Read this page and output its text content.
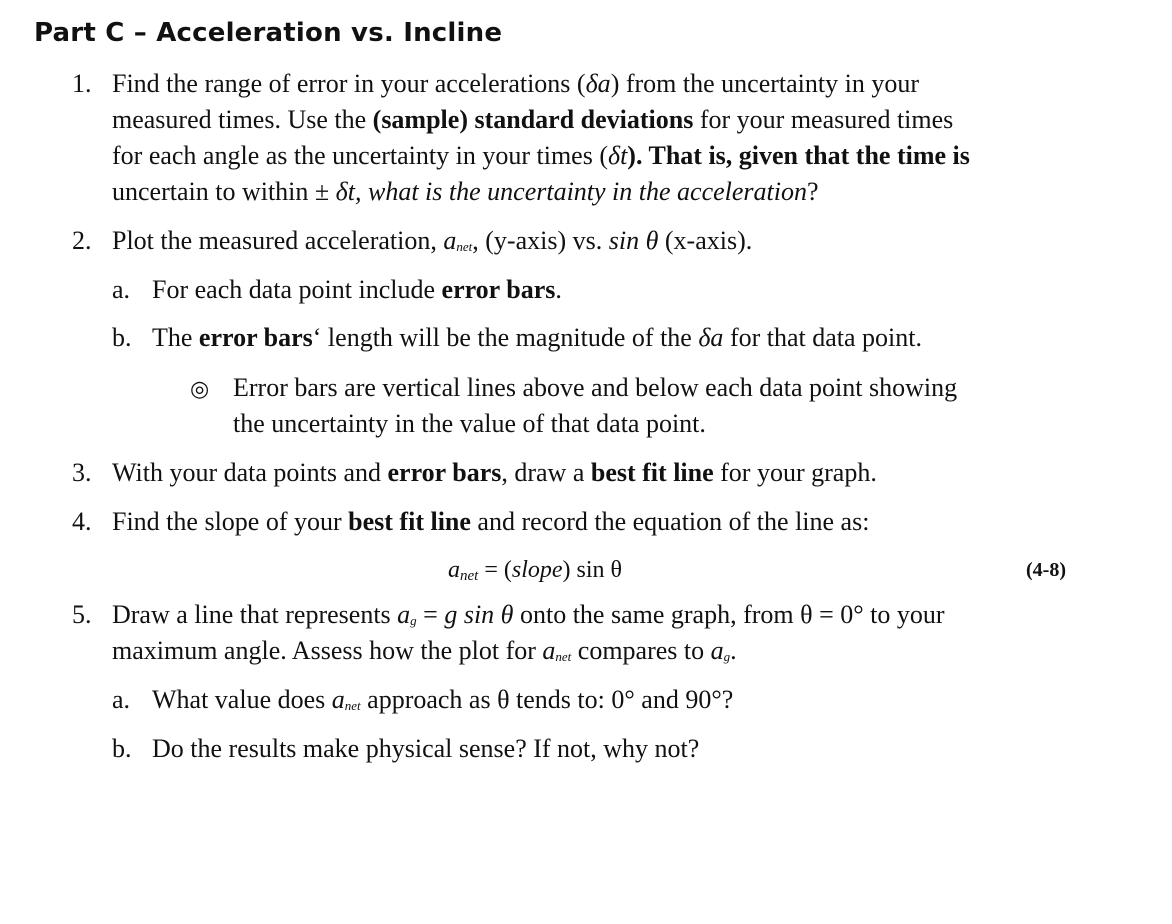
Part C – Acceleration vs. Incline
1. Find the range of error in your accelerations (δa) from the uncertainty in your
measured times. Use the (sample) standard deviations for your measured times
for each angle as the uncertainty in your times (δt). That is, given that the time is
uncertain to within ± δt, what is the uncertainty in the acceleration?
2. Plot the measured acceleration, anet, (y-axis) vs. sin θ (x-axis).
a. For each data point include error bars.
b. The error bars‘ length will be the magnitude of the δa for that data point.
◎ Error bars are vertical lines above and below each data point showing
the uncertainty in the value of that data point.
3. With your data points and error bars, draw a best fit line for your graph.
4. Find the slope of your best fit line and record the equation of the line as:
anet = (slope) sin θ	(4-8)
5. Draw a line that represents ag = g sin θ onto the same graph, from θ = 0° to your
maximum angle. Assess how the plot for anet compares to ag.
a. What value does anet approach as θ tends to: 0° and 90°?
b. Do the results make physical sense? If not, why not?
